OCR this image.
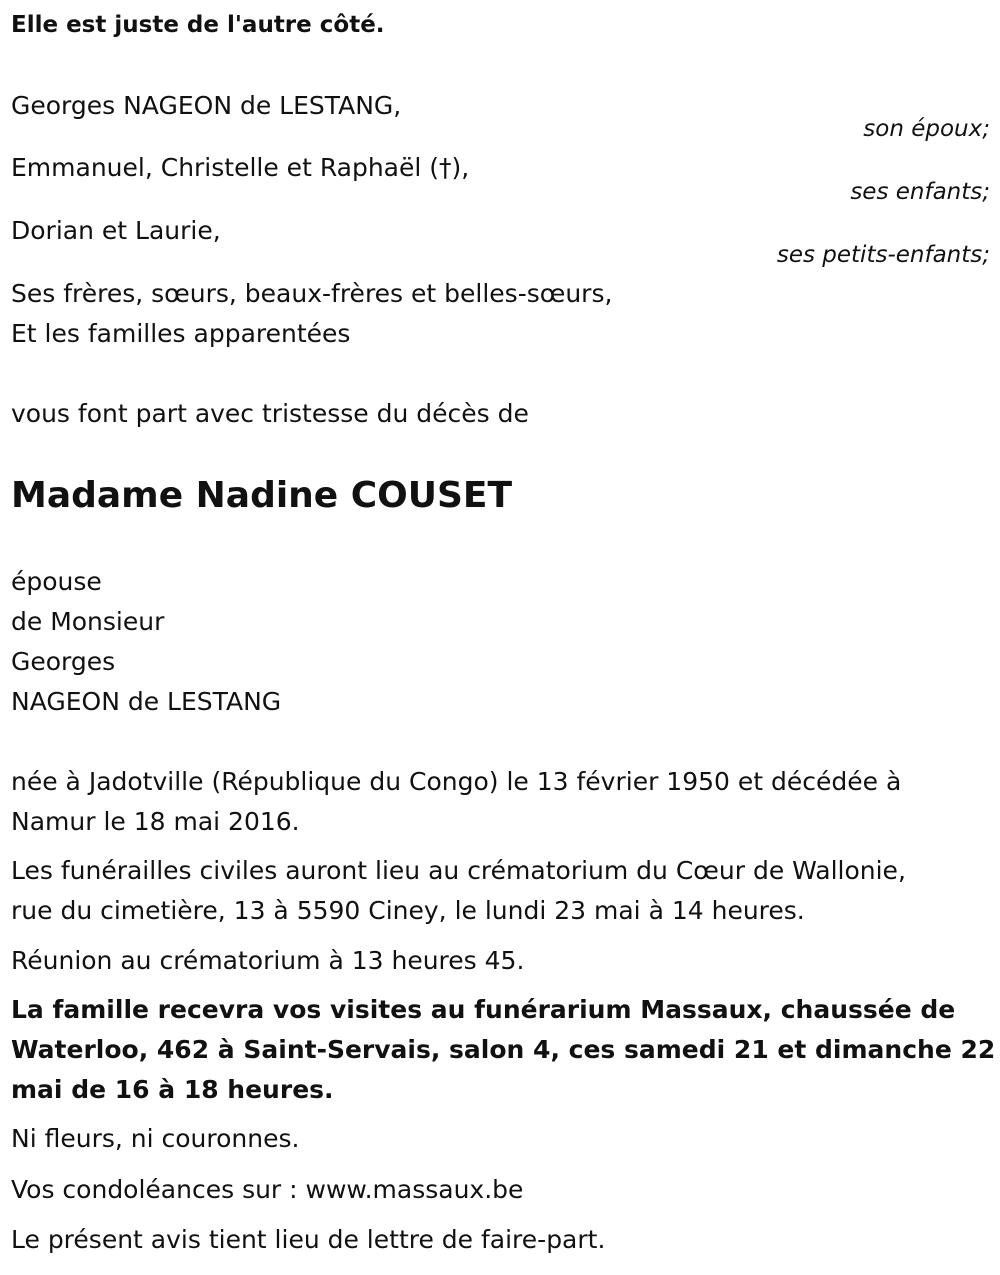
Elle est juste de l'autre côté.
Georges NAGEON de LESTANG,
son époux;
Emmanuel, Christelle et Raphaël (†),
ses enfants;
Dorian et Laurie,
ses petits-enfants;
Ses frères, sœurs, beaux-frères et belles-sœurs,
Et les familles apparentées
vous font part avec tristesse du décès de
Madame Nadine COUSET
épouse
de Monsieur
Georges
NAGEON de LESTANG
née à Jadotville (République du Congo) le 13 février 1950 et décédée à
Namur le 18 mai 2016.
Les funérailles civiles auront lieu au crématorium du Cœur de Wallonie,
rue du cimetière, 13 à 5590 Ciney, le lundi 23 mai à 14 heures.
Réunion au crématorium à 13 heures 45.
La famille recevra vos visites au funérarium Massaux, chaussée de
Waterloo, 462 à Saint-Servais, salon 4, ces samedi 21 et dimanche 22
mai de 16 à 18 heures.
Ni fleurs, ni couronnes.
Vos condoléances sur : www.massaux.be
Le présent avis tient lieu de lettre de faire-part.
